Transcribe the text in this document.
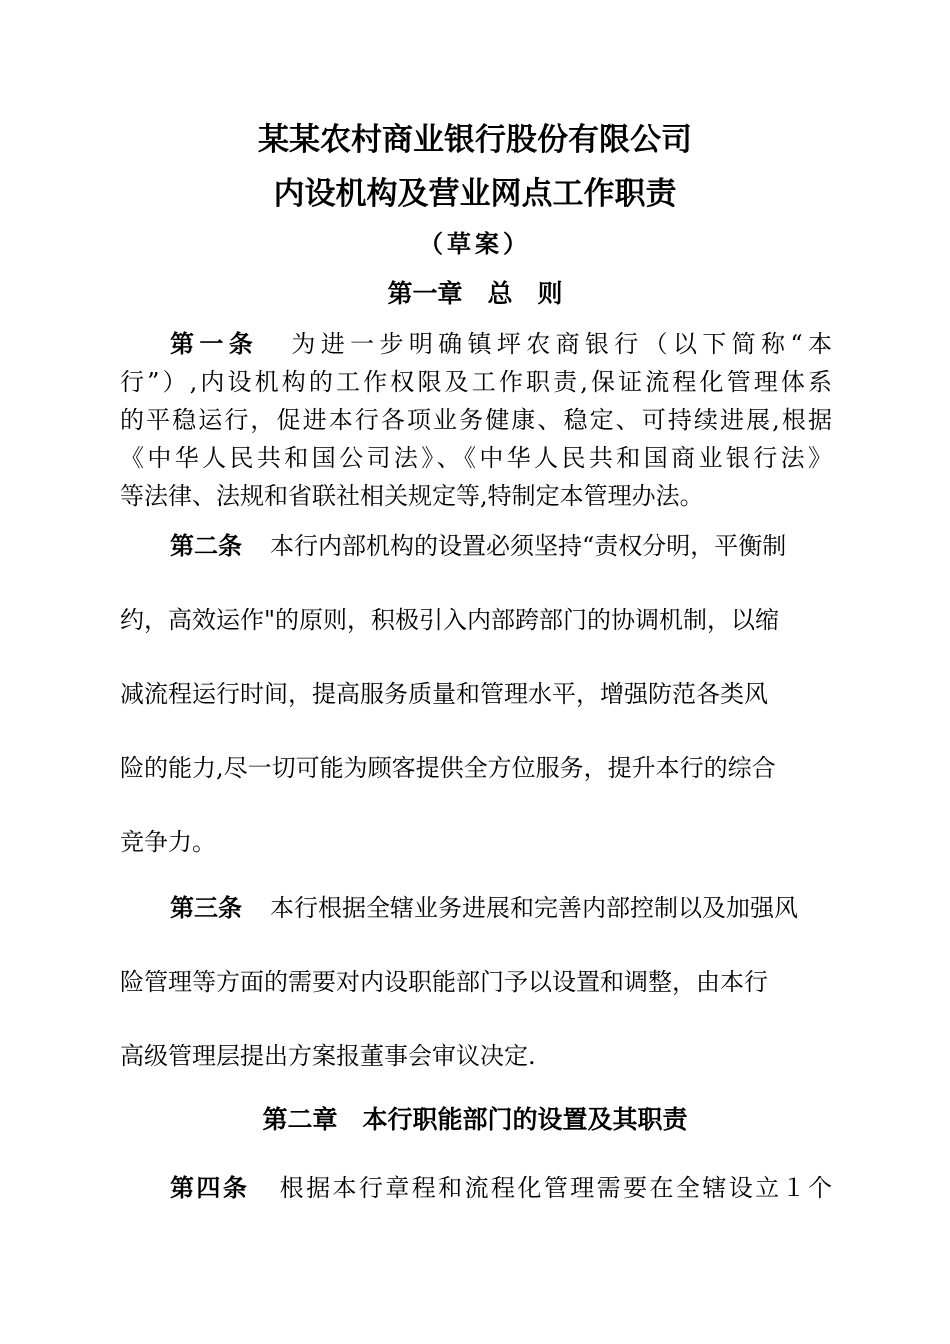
某某农村商业银行股份有限公司
内设机构及营业网点工作职责
（草案）
第一章　总　则
第一条 为进一步明确镇坪农商银行（以下简称“本
行”）,内设机构的工作权限及工作职责,保证流程化管理体系
的平稳运行，促进本行各项业务健康、稳定、可持续进展,根据
《中华人民共和国公司法》、《中华人民共和国商业银行法》
等法律、法规和省联社相关规定等,特制定本管理办法。
第二条 本行内部机构的设置必须坚持“责权分明，平衡制
约，高效运作"的原则，积极引入内部跨部门的协调机制，以缩
减流程运行时间，提高服务质量和管理水平，增强防范各类风
险的能力,尽一切可能为顾客提供全方位服务，提升本行的综合
竞争力。
第三条 本行根据全辖业务进展和完善内部控制以及加强风
险管理等方面的需要对内设职能部门予以设置和调整，由本行
高级管理层提出方案报董事会审议决定.
第二章　本行职能部门的设置及其职责
第四条 根据本行章程和流程化管理需要在全辖设立１个
